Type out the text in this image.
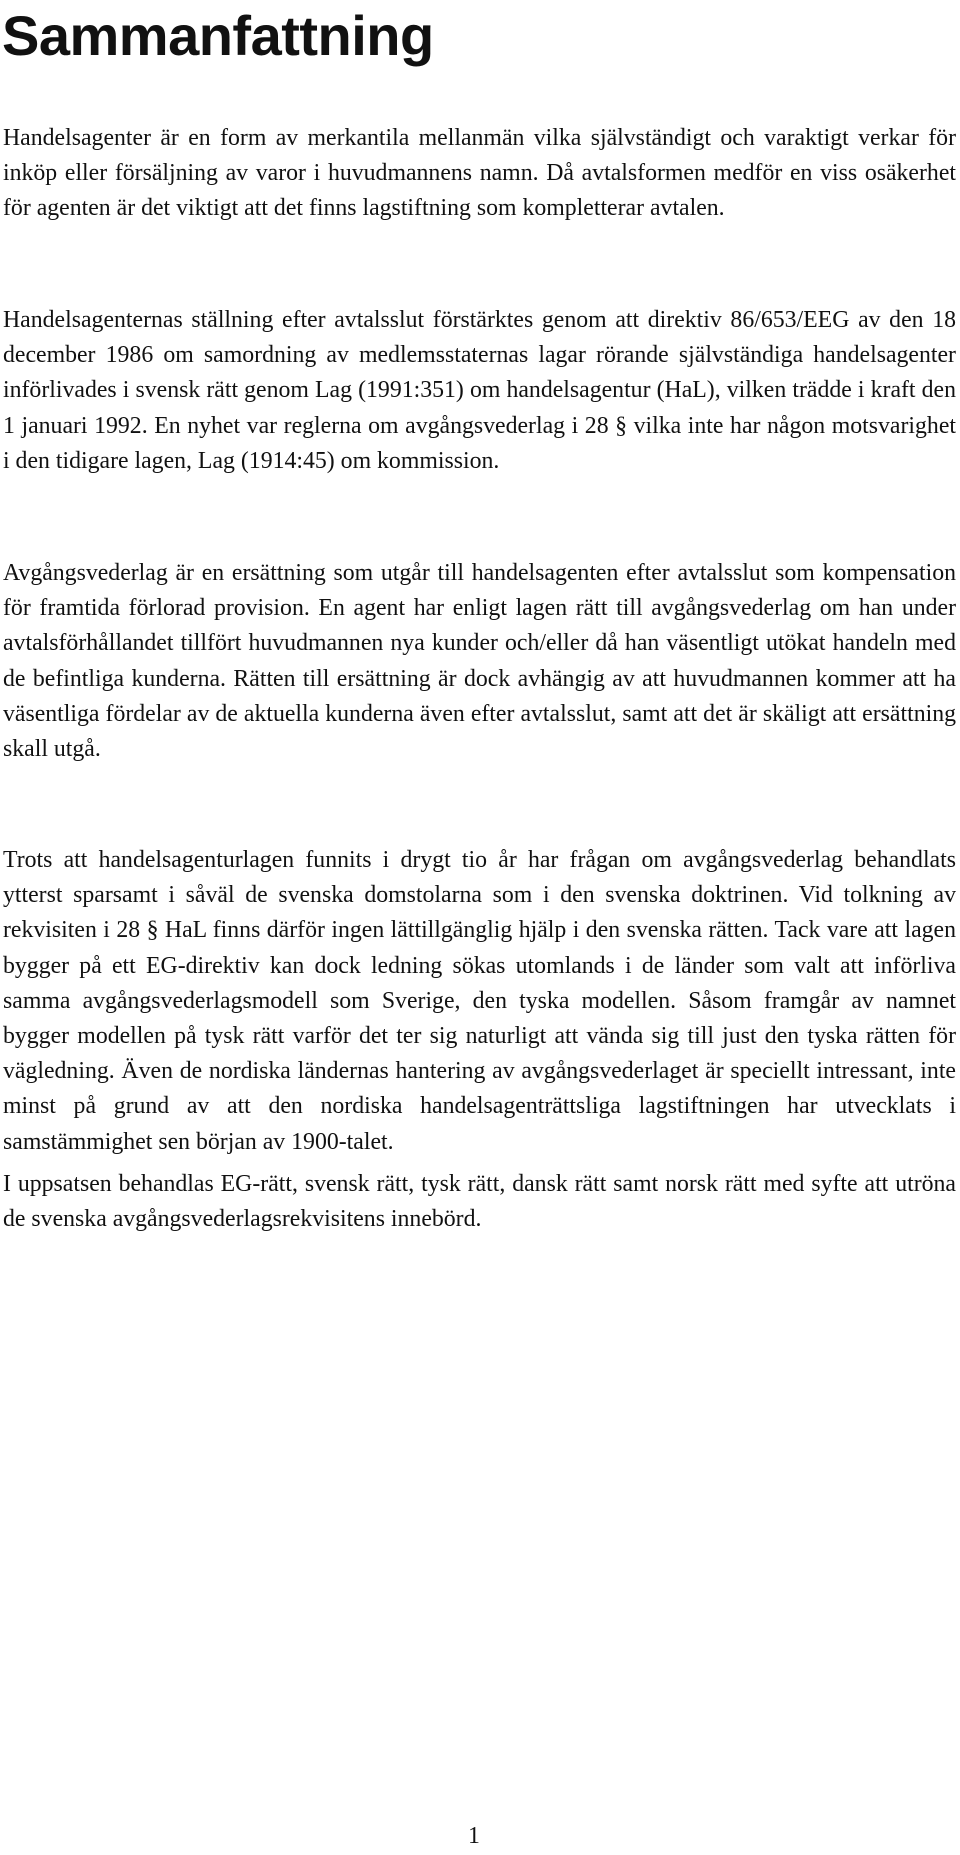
Sammanfattning

Handelsagenter är en form av merkantila mellanmän vilka självständigt och varaktigt verkar för inköp eller försäljning av varor i huvudmannens namn. Då avtalsformen medför en viss osäkerhet för agenten är det viktigt att det finns lagstiftning som kompletterar avtalen.

Handelsagenternas ställning efter avtalsslut förstärktes genom att direktiv 86/653/EEG av den 18 december 1986 om samordning av medlemsstaternas lagar rörande självständiga handelsagenter införlivades i svensk rätt genom Lag (1991:351) om handelsagentur (HaL), vilken trädde i kraft den 1 januari 1992. En nyhet var reglerna om avgångsvederlag i 28 § vilka inte har någon motsvarighet i den tidigare lagen, Lag (1914:45) om kommission.

Avgångsvederlag är en ersättning som utgår till handelsagenten efter avtalsslut som kompensation för framtida förlorad provision. En agent har enligt lagen rätt till avgångsvederlag om han under avtalsförhållandet tillfört huvudmannen nya kunder och/eller då han väsentligt utökat handeln med de befintliga kunderna. Rätten till ersättning är dock avhängig av att huvudmannen kommer att ha väsentliga fördelar av de aktuella kunderna även efter avtalsslut, samt att det är skäligt att ersättning skall utgå.

Trots att handelsagenturlagen funnits i drygt tio år har frågan om avgångsvederlag behandlats ytterst sparsamt i såväl de svenska domstolarna som i den svenska doktrinen. Vid tolkning av rekvisiten i 28 § HaL finns därför ingen lättillgänglig hjälp i den svenska rätten. Tack vare att lagen bygger på ett EG-direktiv kan dock ledning sökas utomlands i de länder som valt att införliva samma avgångsvederlagsmodell som Sverige, den tyska modellen. Såsom framgår av namnet bygger modellen på tysk rätt varför det ter sig naturligt att vända sig till just den tyska rätten för vägledning. Även de nordiska ländernas hantering av avgångsvederlaget är speciellt intressant, inte minst på grund av att den nordiska handelsagenträttsliga lagstiftningen har utvecklats i samstämmighet sen början av 1900-talet.

I uppsatsen behandlas EG-rätt, svensk rätt, tysk rätt, dansk rätt samt norsk rätt med syfte att utröna de svenska avgångsvederlagsrekvisitens innebörd.

1
